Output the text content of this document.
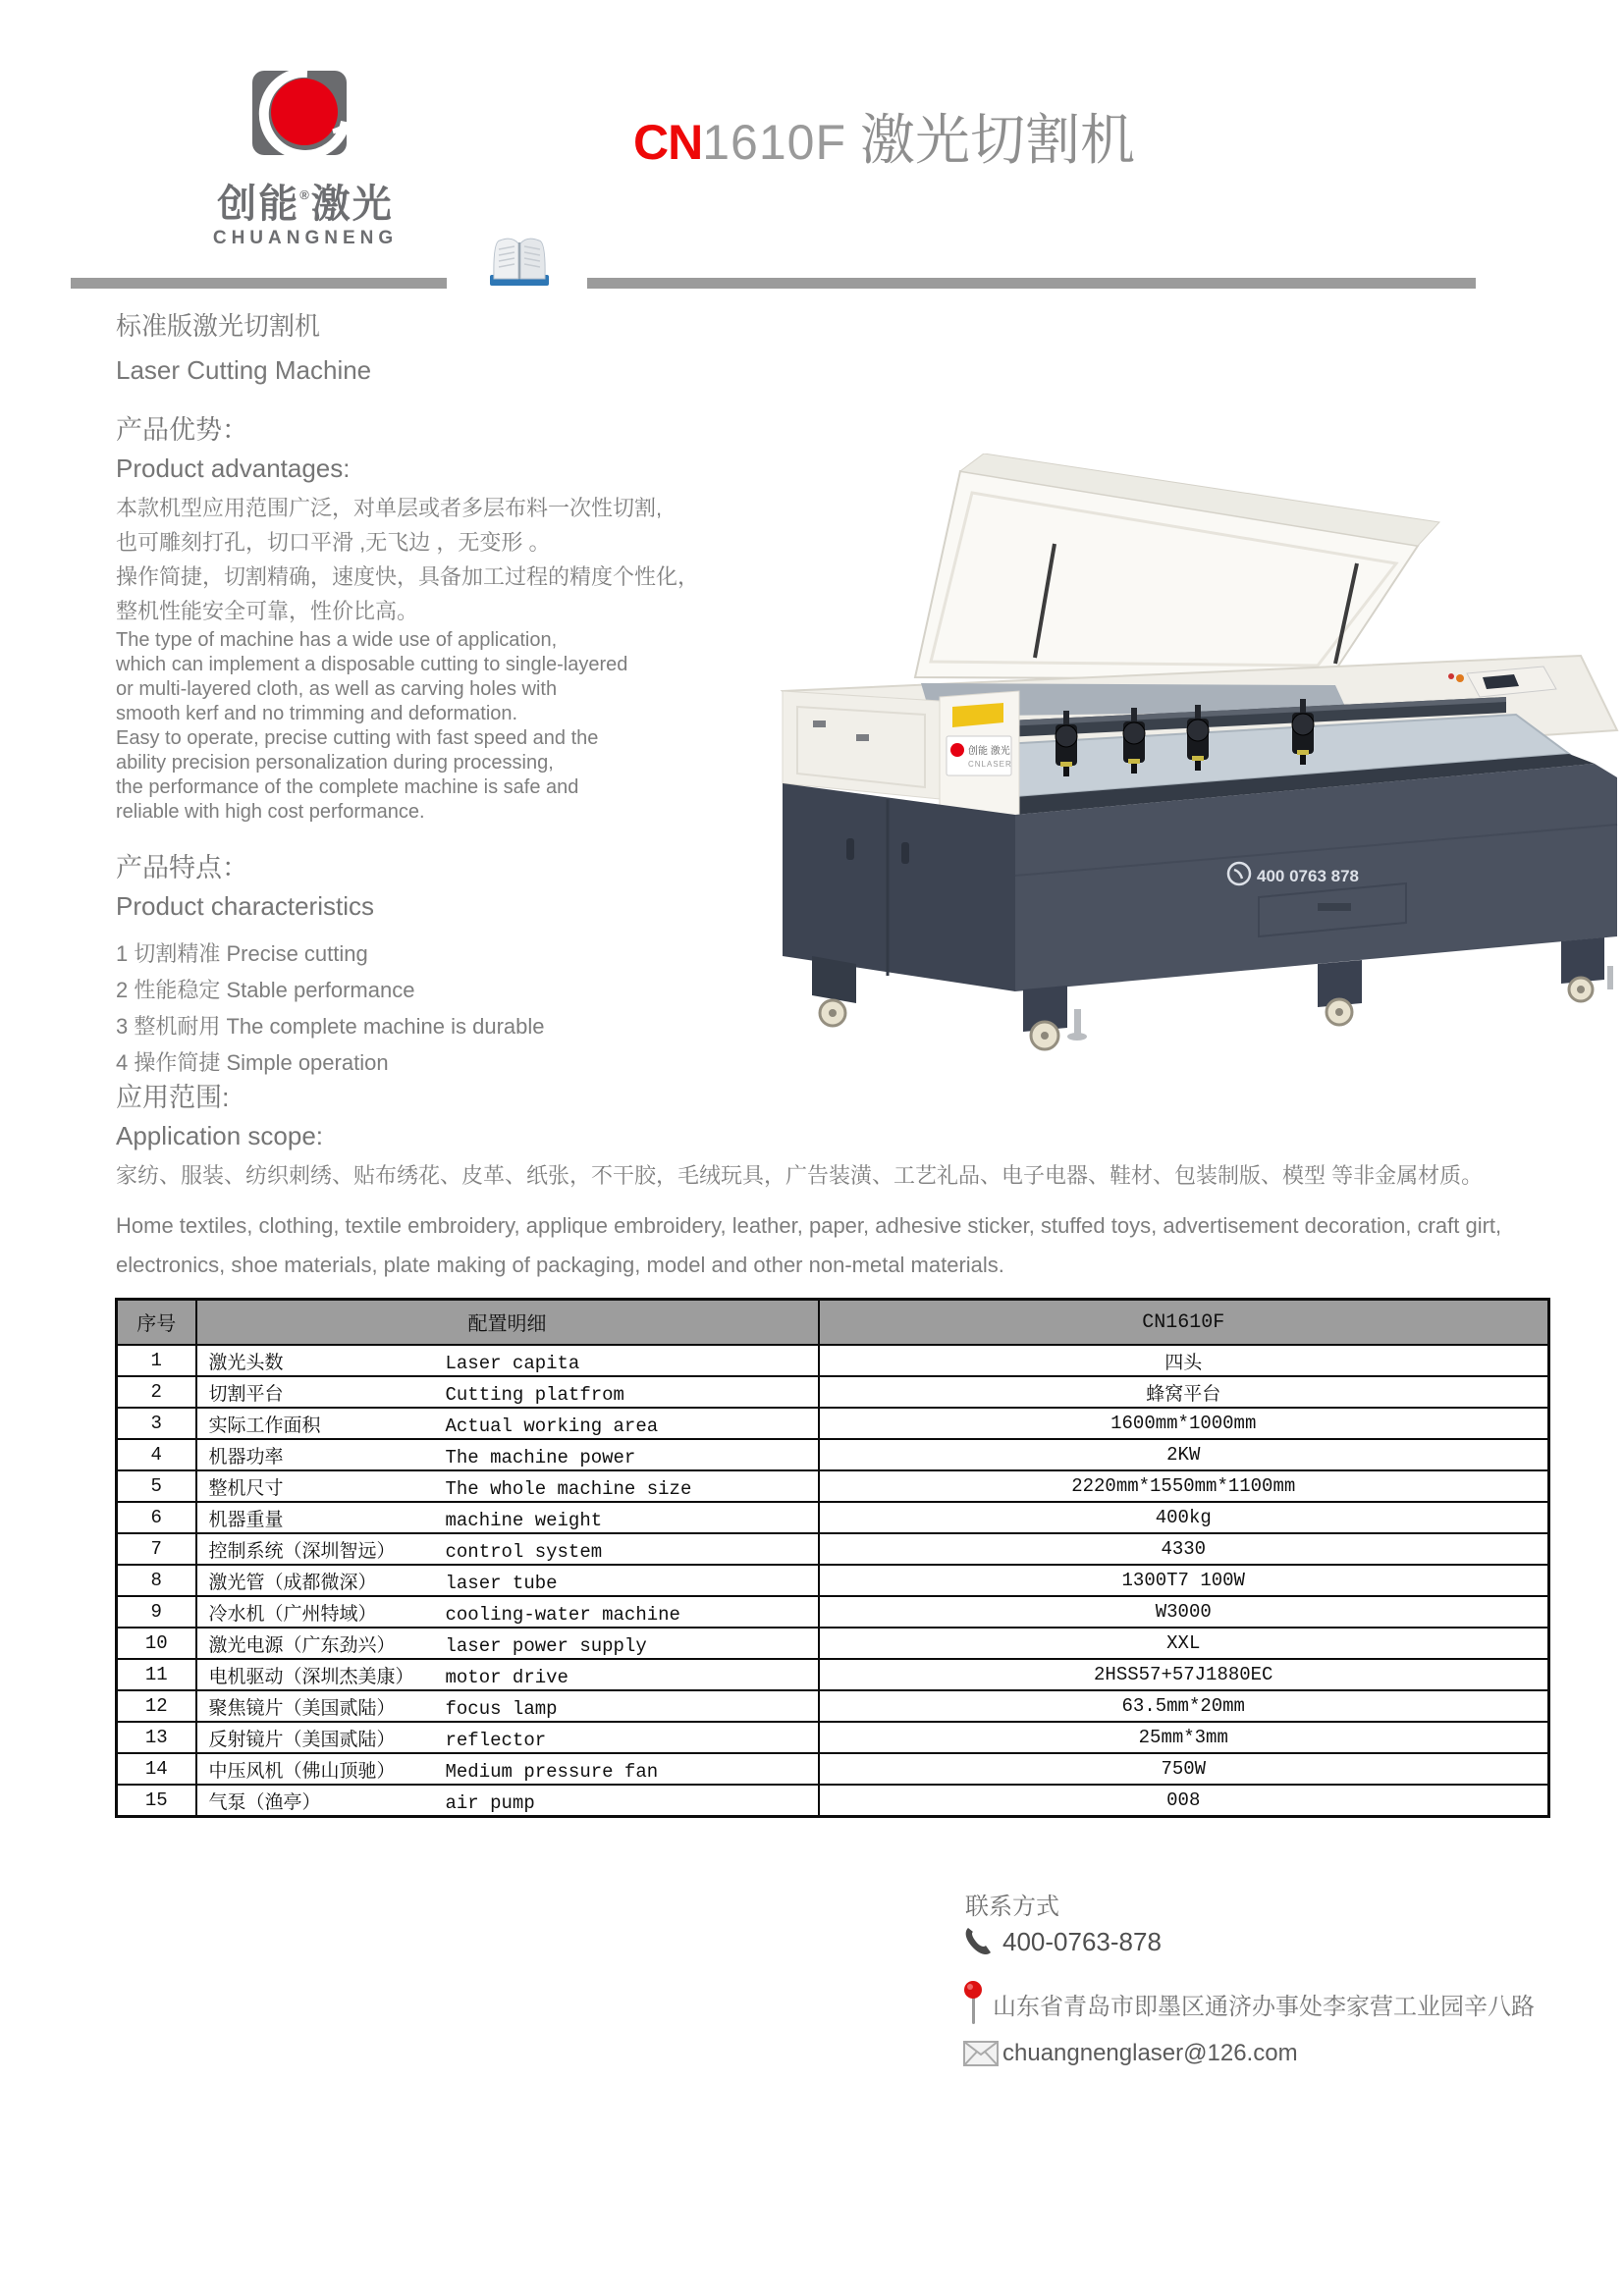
创能®激光
CHUANGNENG
CN1610F 激光切割机
标准版激光切割机
Laser Cutting Machine
产品优势：
Product advantages:
本款机型应用范围广泛，对单层或者多层布料一次性切割,
也可雕刻打孔，切口平滑 ,无飞边 ，无变形 。
操作简捷，切割精确，速度快，具备加工过程的精度个性化，
整机性能安全可靠，性价比高。
The type of machine has a wide use of application,
which can implement a disposable cutting to single-layered
or multi-layered cloth, as well as carving holes with
smooth kerf and no trimming and deformation.
Easy to operate, precise cutting with fast speed and the
ability precision personalization during processing,
the performance of the complete machine is safe and
reliable with high cost performance.
产品特点：
Product characteristics
1 切割精准 Precise cutting
2 性能稳定 Stable performance
3 整机耐用 The complete machine is durable
4 操作简捷 Simple operation
创能 激光
CNLASER
400 0763 878
应用范围:
Application scope:
家纺、服装、纺织刺绣、贴布绣花、皮革、纸张，不干胶，毛绒玩具，广告装潢、工艺礼品、电子电器、鞋材、包装制版、模型 等非金属材质。
Home textiles, clothing, textile embroidery, applique embroidery, leather, paper, adhesive sticker, stuffed toys, advertisement decoration, craft girt,
electronics, shoe materials, plate making of packaging, model and other non-metal materials.
序号	配置明细	CN1610F
1	激光头数 Laser capita	四头
2	切割平台 Cutting platfrom	蜂窝平台
3	实际工作面积 Actual working area	1600mm*1000mm
4	机器功率 The machine power	2KW
5	整机尺寸 The whole machine size	2220mm*1550mm*1100mm
6	机器重量 machine weight	400kg
7	控制系统（深圳智远） control system	4330
8	激光管（成都微深） laser tube	1300T7 100W
9	冷水机（广州特域） cooling-water machine	W3000
10	激光电源（广东劲兴） laser power supply	XXL
11	电机驱动（深圳杰美康） motor drive	2HSS57+57J1880EC
12	聚焦镜片（美国贰陆） focus lamp	63.5mm*20mm
13	反射镜片（美国贰陆） reflector	25mm*3mm
14	中压风机（佛山顶驰） Medium pressure fan	750W
15	气泵（渔亭） air pump	008
联系方式
400-0763-878
山东省青岛市即墨区通济办事处李家营工业园辛八路
chuangnenglaser@126.com
